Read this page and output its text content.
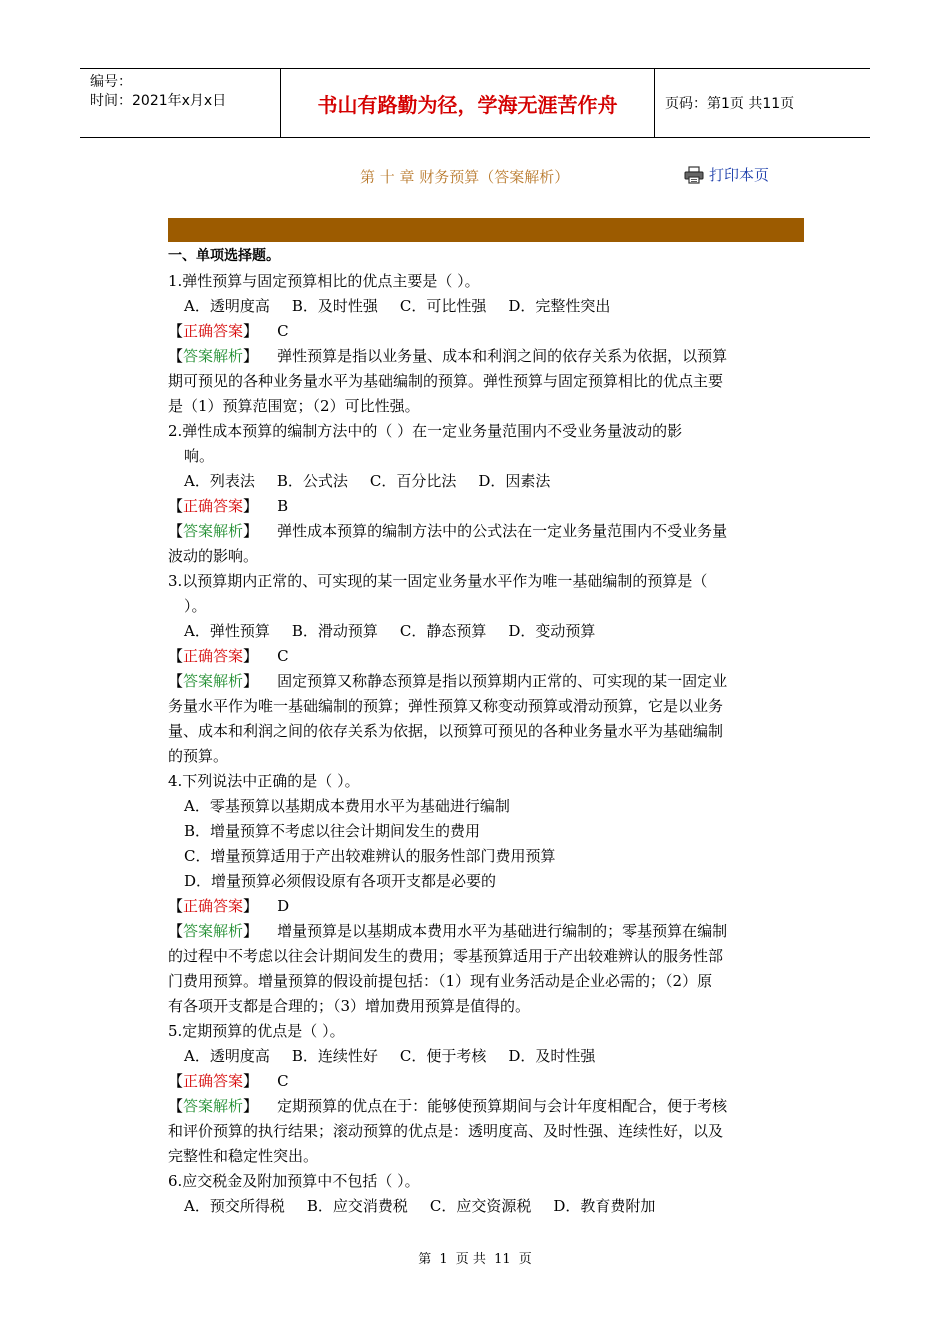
编号：
时间：2021年x月x日	书山有路勤为径，学海无涯苦作舟	页码：第1页 共11页
第 十 章 财务预算（答案解析）	打印本页
一、单项选择题。
1.弹性预算与固定预算相比的优点主要是（ ）。
A．透明度高 B．及时性强 C．可比性强 D．完整性突出
【正确答案】 C
【答案解析】 弹性预算是指以业务量、成本和利润之间的依存关系为依据，以预算
期可预见的各种业务量水平为基础编制的预算。弹性预算与固定预算相比的优点主要
是（1）预算范围宽；（2）可比性强。
2.弹性成本预算的编制方法中的（ ）在一定业务量范围内不受业务量波动的影
响。
A．列表法 B．公式法 C．百分比法 D．因素法
【正确答案】 B
【答案解析】 弹性成本预算的编制方法中的公式法在一定业务量范围内不受业务量
波动的影响。
3.以预算期内正常的、可实现的某一固定业务量水平作为唯一基础编制的预算是（
）。
A．弹性预算 B．滑动预算 C．静态预算 D．变动预算
【正确答案】 C
【答案解析】 固定预算又称静态预算是指以预算期内正常的、可实现的某一固定业
务量水平作为唯一基础编制的预算；弹性预算又称变动预算或滑动预算，它是以业务
量、成本和利润之间的依存关系为依据，以预算可预见的各种业务量水平为基础编制
的预算。
4.下列说法中正确的是（ ）。
A．零基预算以基期成本费用水平为基础进行编制
B．增量预算不考虑以往会计期间发生的费用
C．增量预算适用于产出较难辨认的服务性部门费用预算
D．增量预算必须假设原有各项开支都是必要的
【正确答案】 D
【答案解析】 增量预算是以基期成本费用水平为基础进行编制的；零基预算在编制
的过程中不考虑以往会计期间发生的费用；零基预算适用于产出较难辨认的服务性部
门费用预算。增量预算的假设前提包括：（1）现有业务活动是企业必需的；（2）原
有各项开支都是合理的；（3）增加费用预算是值得的。
5.定期预算的优点是（ ）。
A．透明度高 B．连续性好 C．便于考核 D．及时性强
【正确答案】 C
【答案解析】 定期预算的优点在于：能够使预算期间与会计年度相配合，便于考核
和评价预算的执行结果；滚动预算的优点是：透明度高、及时性强、连续性好，以及
完整性和稳定性突出。
6.应交税金及附加预算中不包括（ ）。
A．预交所得税 B．应交消费税 C．应交资源税 D．教育费附加
第 1 页 共 11 页
